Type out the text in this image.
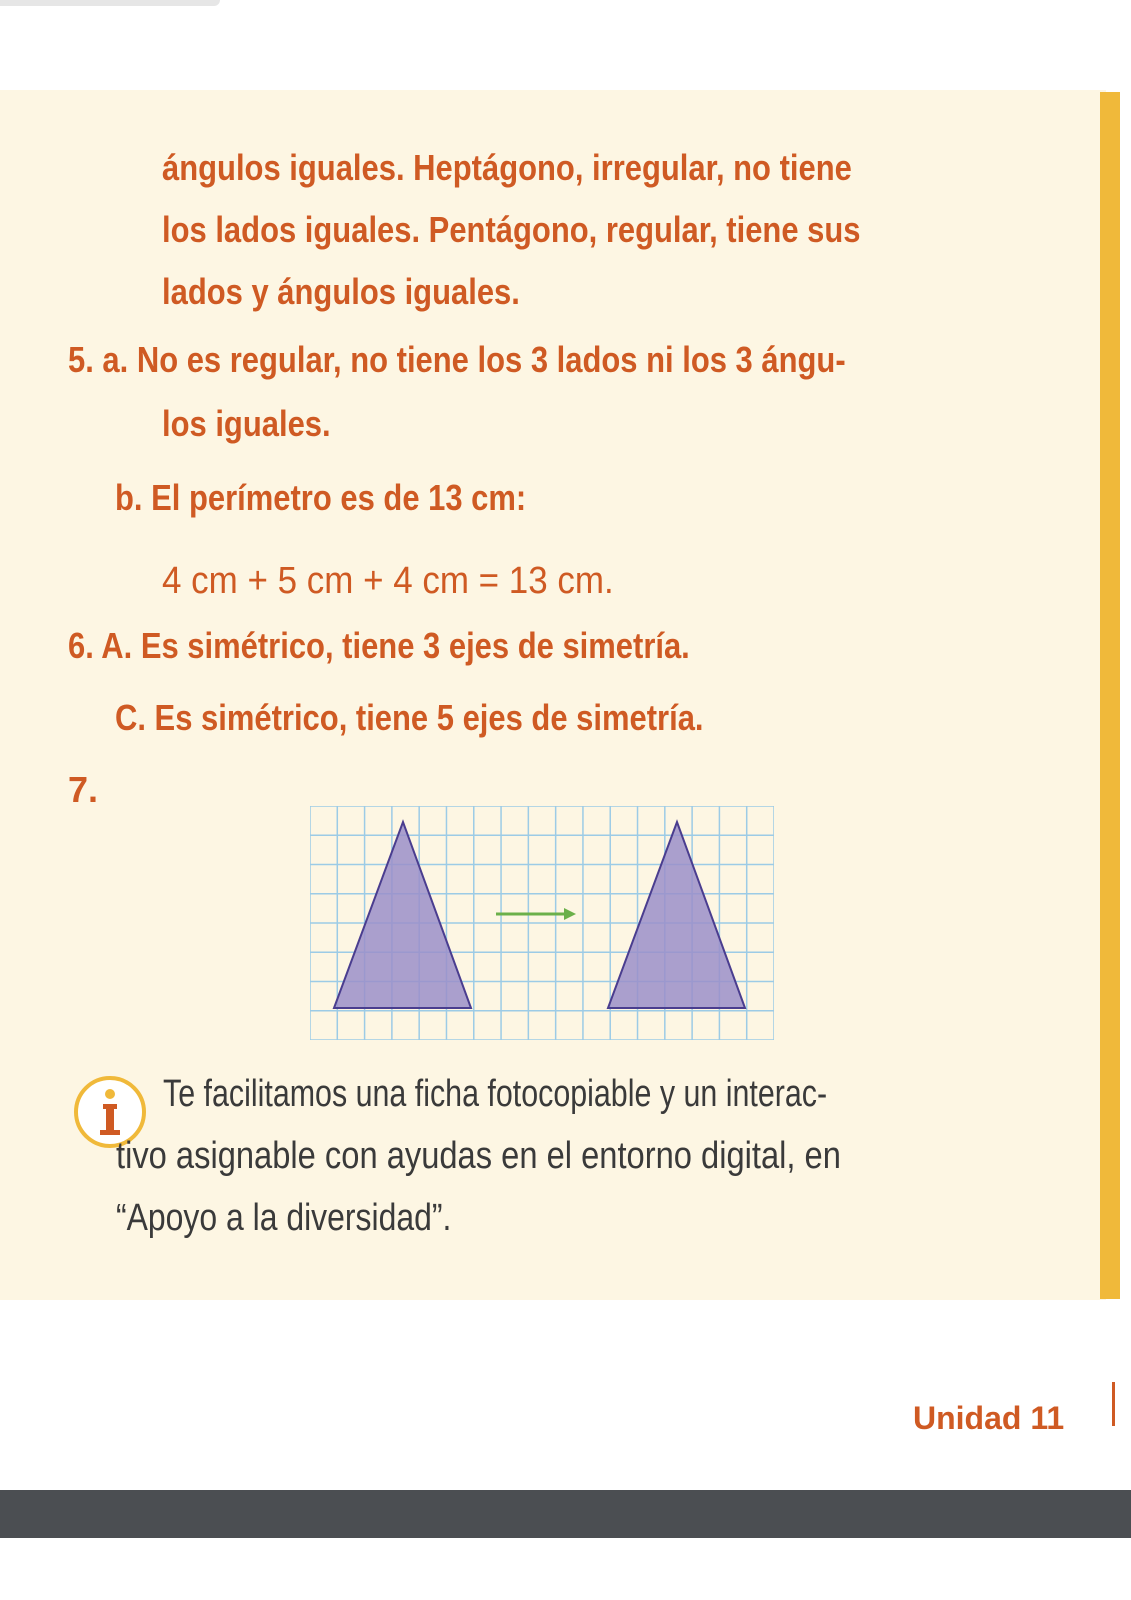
ángulos iguales. Heptágono, irregular, no tiene
los lados iguales. Pentágono, regular, tiene sus
lados y ángulos iguales.
5. a. No es regular, no tiene los 3 lados ni los 3 ángu-
los iguales.
b. El perímetro es de 13 cm:
4 cm + 5 cm + 4 cm = 13 cm.
6. A. Es simétrico, tiene 3 ejes de simetría.
C. Es simétrico, tiene 5 ejes de simetría.
7.
Te facilitamos una ficha fotocopiable y un interac-
tivo asignable con ayudas en el entorno digital, en
“Apoyo a la diversidad”.
Unidad 11
